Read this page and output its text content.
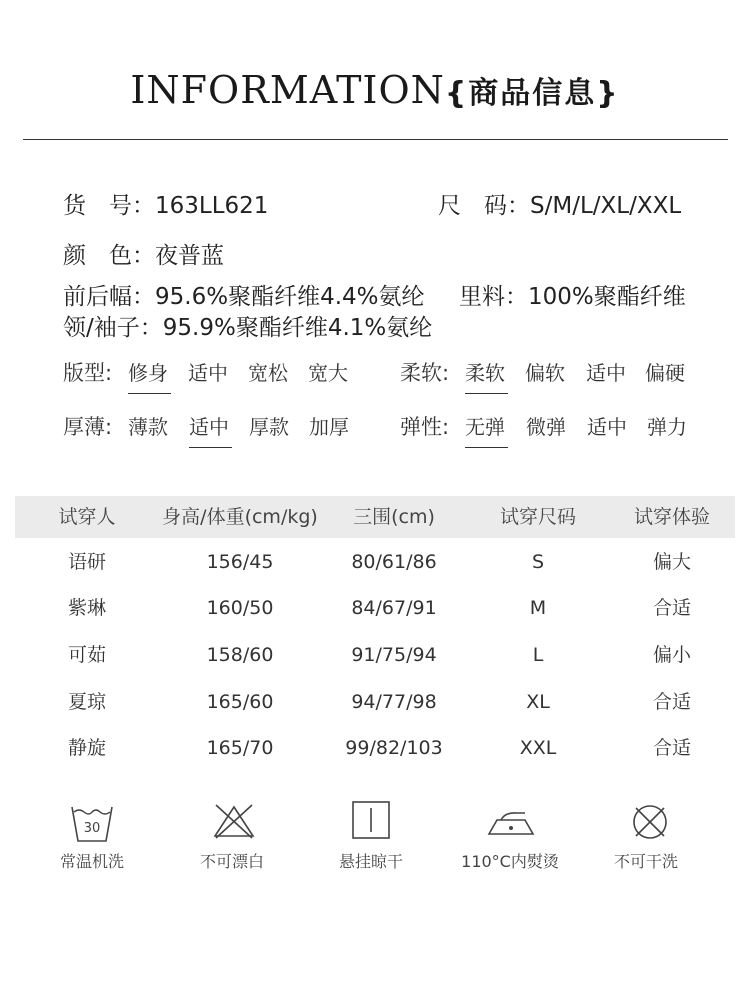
INFORMATION{商品信息}
货　号：163LL621	尺　码：S/M/L/XL/XXL
颜　色：夜普蓝
前后幅：95.6%聚酯纤维4.4%氨纶 里料：100%聚酯纤维
领/袖子：95.9%聚酯纤维4.1%氨纶
版型: 修身 适中 宽松 宽大 柔软: 柔软 偏软 适中 偏硬
厚薄: 薄款 适中 厚款 加厚 弹性: 无弹 微弹 适中 弹力
试穿人	身高/体重(cm/kg)	三围(cm)	试穿尺码	试穿体验
语研	156/45	80/61/86	S	偏大
紫琳	160/50	84/67/91	M	合适
可茹	158/60	91/75/94	L	偏小
夏琼	165/60	94/77/98	XL	合适
静旋	165/70	99/82/103	XXL	合适
30
常温机洗	不可漂白	悬挂晾干	110°C内熨烫	不可干洗
